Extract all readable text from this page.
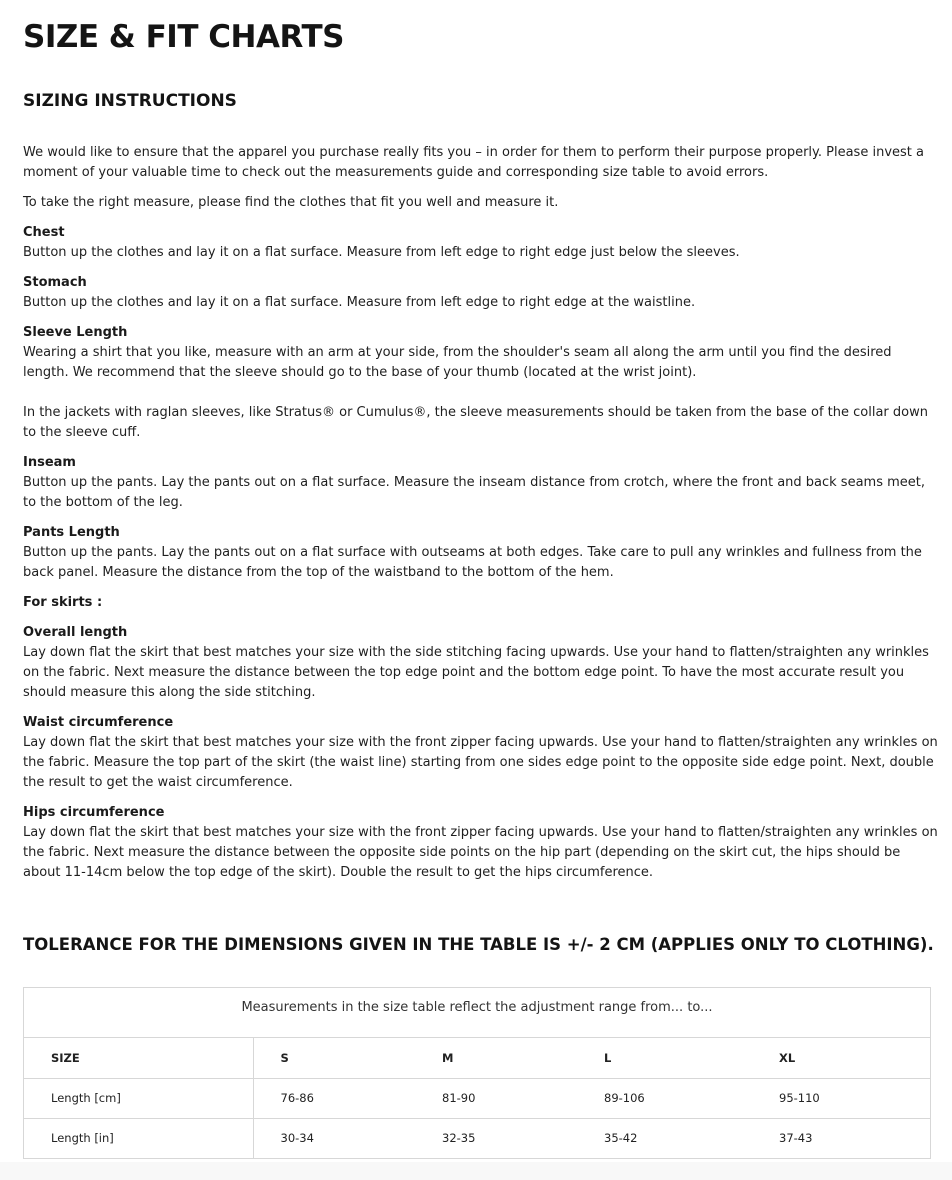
SIZE & FIT CHARTS
SIZING INSTRUCTIONS

We would like to ensure that the apparel you purchase really fits you – in order for them to perform their purpose properly. Please invest a moment of your valuable time to check out the measurements guide and corresponding size table to avoid errors.

To take the right measure, please find the clothes that fit you well and measure it.

Chest

Button up the clothes and lay it on a flat surface. Measure from left edge to right edge just below the sleeves.

Stomach

Button up the clothes and lay it on a flat surface. Measure from left edge to right edge at the waistline.

Sleeve Length

Wearing a shirt that you like, measure with an arm at your side, from the shoulder's seam all along the arm until you find the desired length. We recommend that the sleeve should go to the base of your thumb (located at the wrist joint).

In the jackets with raglan sleeves, like Stratus® or Cumulus®, the sleeve measurements should be taken from the base of the collar down to the sleeve cuff.

Inseam

Button up the pants. Lay the pants out on a flat surface. Measure the inseam distance from crotch, where the front and back seams meet, to the bottom of the leg.

Pants Length

Button up the pants. Lay the pants out on a flat surface with outseams at both edges. Take care to pull any wrinkles and fullness from the back panel. Measure the distance from the top of the waistband to the bottom of the hem.

For skirts :
Overall length

Lay down flat the skirt that best matches your size with the side stitching facing upwards. Use your hand to flatten/straighten any wrinkles on the fabric. Next measure the distance between the top edge point and the bottom edge point. To have the most accurate result you should measure this along the side stitching.

Waist circumference

Lay down flat the skirt that best matches your size with the front zipper facing upwards. Use your hand to flatten/straighten any wrinkles on the fabric. Measure the top part of the skirt (the waist line) starting from one sides edge point to the opposite side edge point. Next, double the result to get the waist circumference.

Hips circumference

Lay down flat the skirt that best matches your size with the front zipper facing upwards. Use your hand to flatten/straighten any wrinkles on the fabric. Next measure the distance between the opposite side points on the hip part (depending on the skirt cut, the hips should be about 11-14cm below the top edge of the skirt). Double the result to get the hips circumference.

TOLERANCE FOR THE DIMENSIONS GIVEN IN THE TABLE IS +/- 2 CM (APPLIES ONLY TO CLOTHING).
Measurements in the size table reflect the adjustment range from... to...
SIZE	S	M	L	XL
Length [cm]	76-86	81-90	89-106	95-110
Length [in]	30-34	32-35	35-42	37-43
